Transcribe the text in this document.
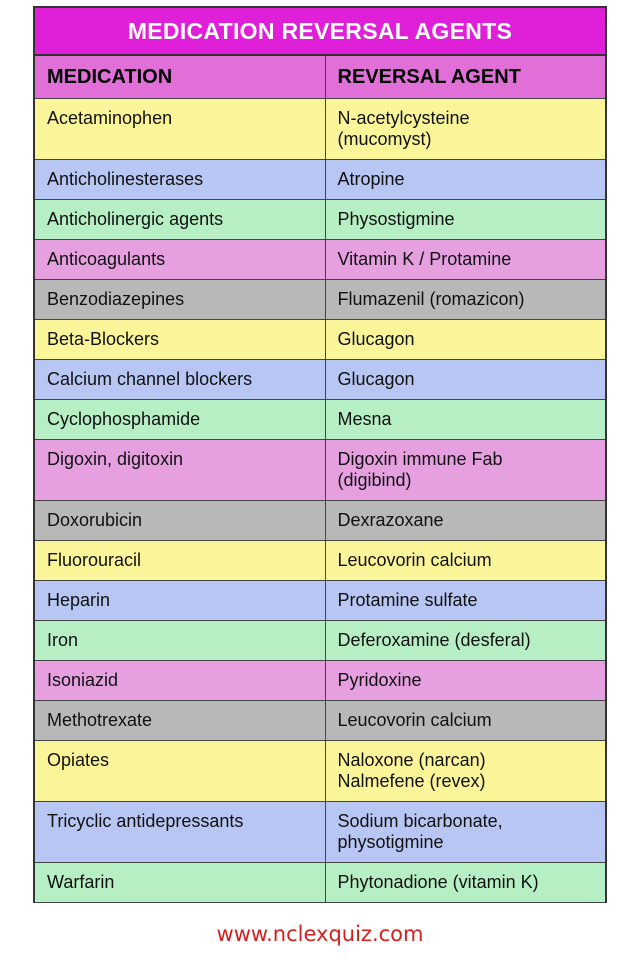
MEDICATION REVERSAL AGENTS
MEDICATION	REVERSAL AGENT
Acetaminophen	N-acetylcysteine
(mucomyst)

Anticholinesterases	Atropine

Anticholinergic agents	Physostigmine

Anticoagulants	Vitamin K / Protamine

Benzodiazepines	Flumazenil (romazicon)

Beta-Blockers	Glucagon

Calcium channel blockers	Glucagon

Cyclophosphamide	Mesna

Digoxin, digitoxin	Digoxin immune Fab
(digibind)

Doxorubicin	Dexrazoxane

Fluorouracil	Leucovorin calcium

Heparin	Protamine sulfate

Iron	Deferoxamine (desferal)

Isoniazid	Pyridoxine

Methotrexate	Leucovorin calcium

Opiates	Naloxone (narcan)
Nalmefene (revex)

Tricyclic antidepressants	Sodium bicarbonate,
physotigmine

Warfarin	Phytonadione (vitamin K)
www.nclexquiz.com
